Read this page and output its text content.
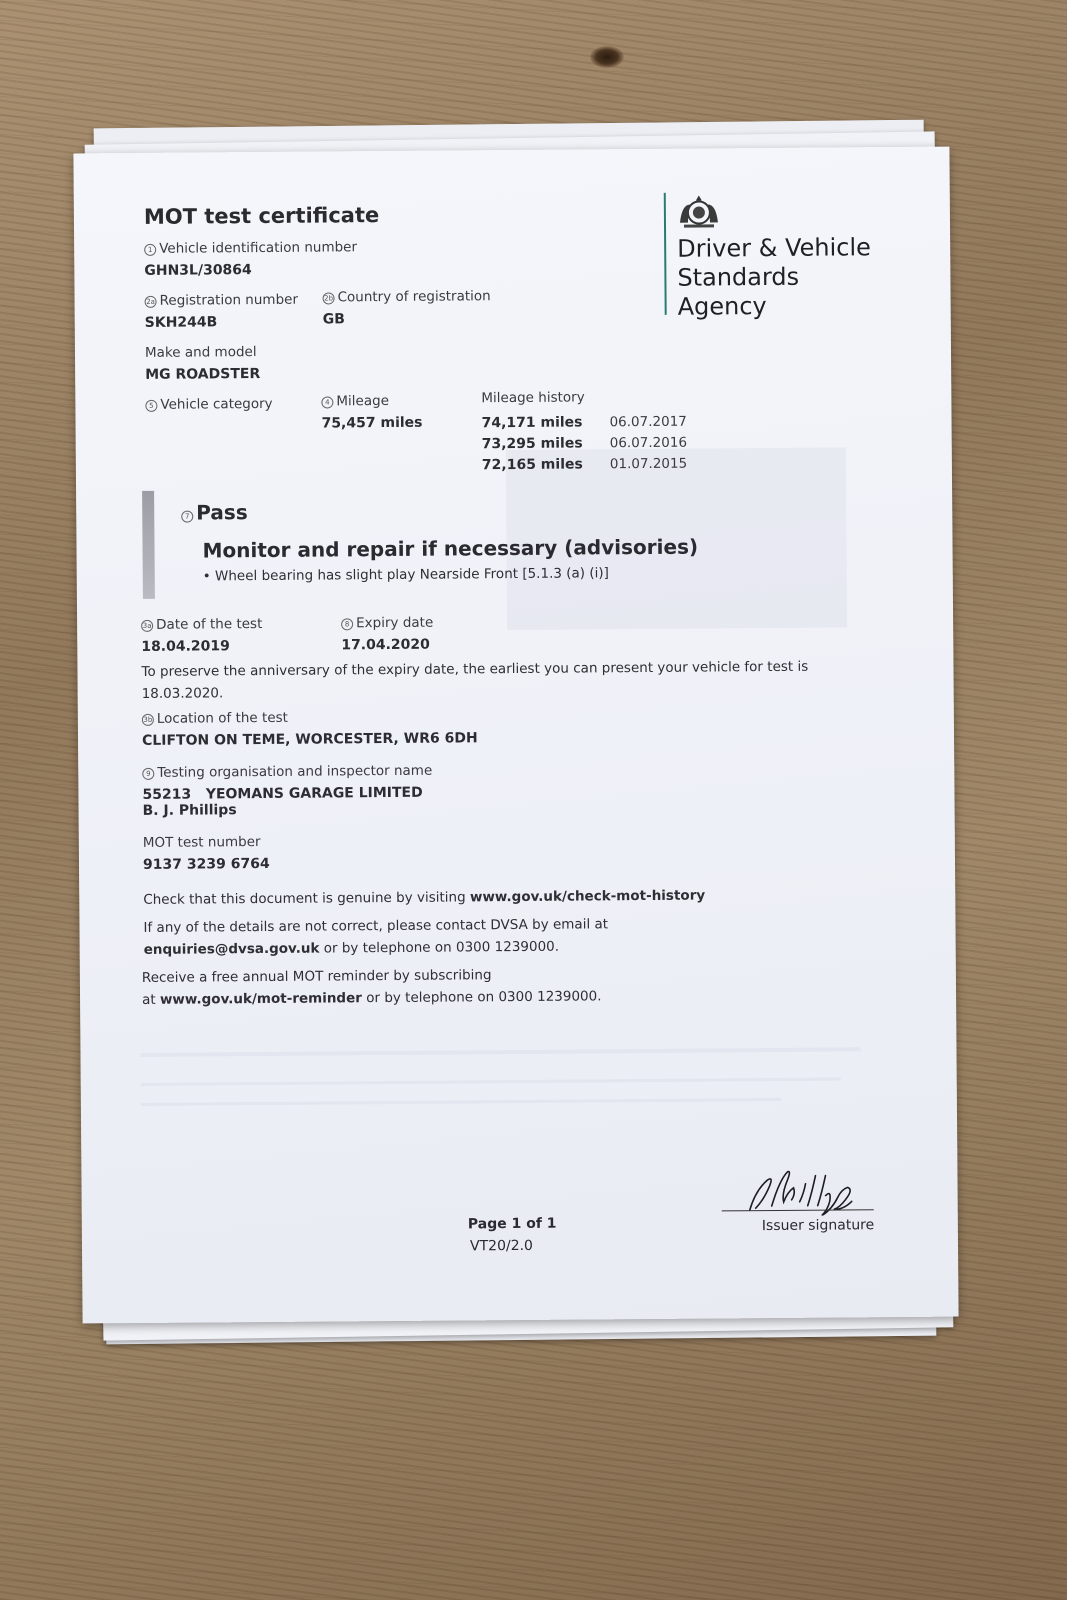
MOT test certificate
1 Vehicle identification number
GHN3L/30864
2a Registration number
SKH244B
2b Country of registration
GB
Make and model
MG ROADSTER
5 Vehicle category	4 Mileage
75,457 miles
Mileage history
74,171 miles 06.07.2017
73,295 miles 06.07.2016
72,165 miles 01.07.2015
Driver & Vehicle
Standards
Agency
7 Pass
Monitor and repair if necessary (advisories)
• Wheel bearing has slight play Nearside Front [5.1.3 (a) (i)]
3a Date of the test
18.04.2019
8 Expiry date
17.04.2020
To preserve the anniversary of the expiry date, the earliest you can present your vehicle for test is
18.03.2020.
3b Location of the test
CLIFTON ON TEME, WORCESTER, WR6 6DH
9 Testing organisation and inspector name
55213 YEOMANS GARAGE LIMITED
B. J. Phillips
MOT test number
9137 3239 6764
Check that this document is genuine by visiting www.gov.uk/check-mot-history
If any of the details are not correct, please contact DVSA by email at
enquiries@dvsa.gov.uk or by telephone on 0300 1239000.
Receive a free annual MOT reminder by subscribing
at www.gov.uk/mot-reminder or by telephone on 0300 1239000.
Page 1 of 1
VT20/2.0
Issuer signature
